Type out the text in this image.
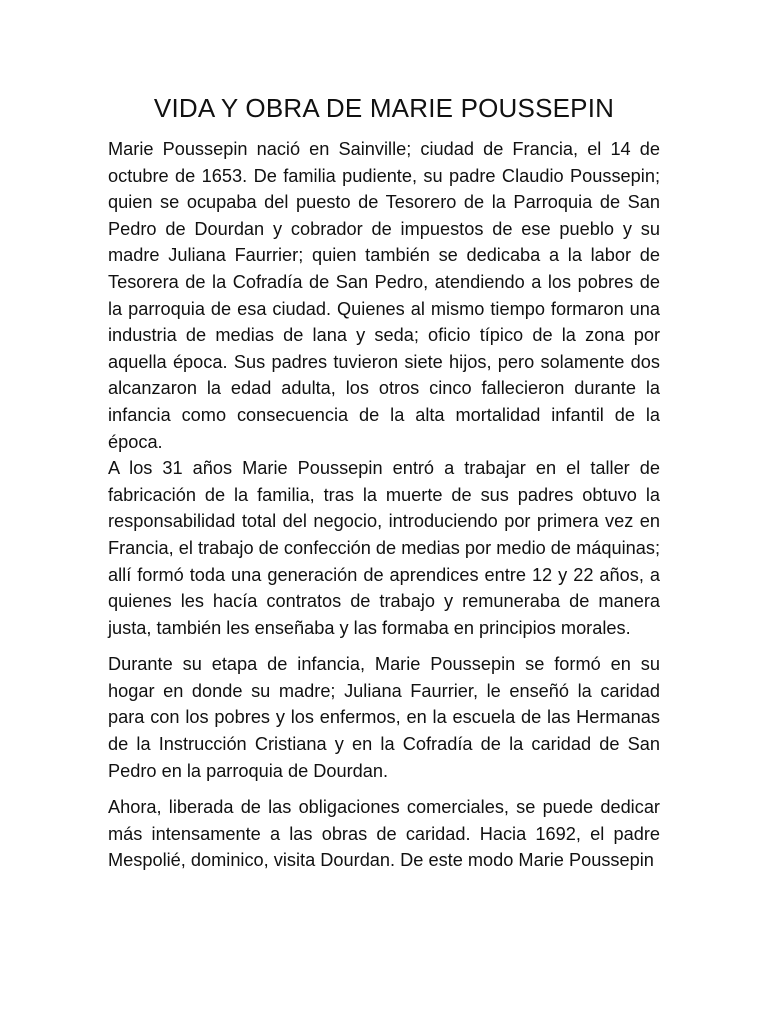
VIDA Y OBRA DE MARIE POUSSEPIN

Marie Poussepin nació en Sainville; ciudad de Francia, el 14 de octubre de 1653. De familia pudiente, su padre Claudio Poussepin; quien se ocupaba del puesto de Tesorero de la Parroquia de San Pedro de Dourdan y cobrador de impuestos de ese pueblo y su madre Juliana Faurrier; quien también se dedicaba a la labor de Tesorera de la Cofradía de San Pedro, atendiendo a los pobres de la parroquia de esa ciudad. Quienes al mismo tiempo formaron una industria de medias de lana y seda; oficio típico de la zona por aquella época. Sus padres tuvieron siete hijos, pero solamente dos alcanzaron la edad adulta, los otros cinco fallecieron durante la infancia como consecuencia de la alta mortalidad infantil de la época.

A los 31 años Marie Poussepin entró a trabajar en el taller de fabricación de la familia, tras la muerte de sus padres obtuvo la responsabilidad total del negocio, introduciendo por primera vez en Francia, el trabajo de confección de medias por medio de máquinas; allí formó toda una generación de aprendices entre 12 y 22 años, a quienes les hacía contratos de trabajo y remuneraba de manera justa, también les enseñaba y las formaba en principios morales.

Durante su etapa de infancia, Marie Poussepin se formó en su hogar en donde su madre; Juliana Faurrier, le enseñó la caridad para con los pobres y los enfermos, en la escuela de las Hermanas de la Instrucción Cristiana y en la Cofradía de la caridad de San Pedro en la parroquia de Dourdan.

Ahora, liberada de las obligaciones comerciales, se puede dedicar más intensamente a las obras de caridad. Hacia 1692, el padre Mespolié, dominico, visita Dourdan. De este modo Marie Poussepin
